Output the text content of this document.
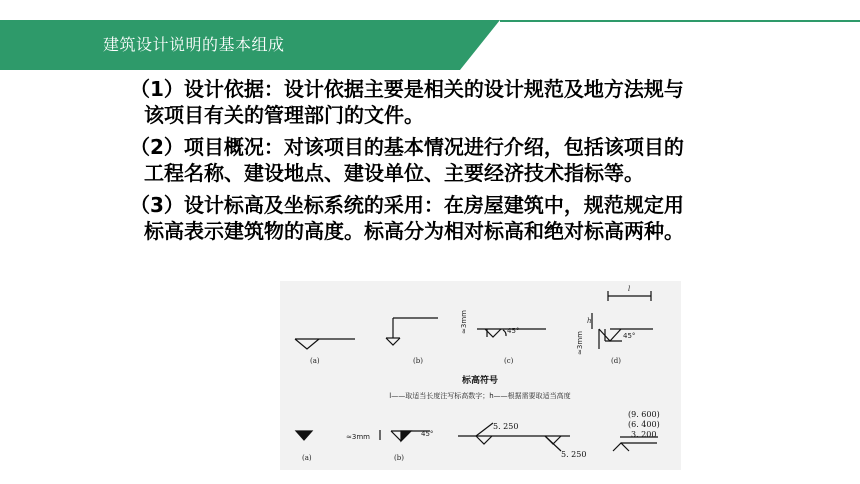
建筑设计说明的基本组成

（1）设计依据：设计依据主要是相关的设计规范及地方法规与该项目有关的管理部门的文件。

（2）项目概况：对该项目的基本情况进行介绍，包括该项目的工程名称、建设地点、建设单位、主要经济技术指标等。

（3）设计标高及坐标系统的采用：在房屋建筑中，规范规定用标高表示建筑物的高度。标高分为相对标高和绝对标高两种。

(a)	(b)	(c)	(d)
≈3mm	45°
l
h
≈3mm	45°
标高符号
l——取适当长度注写标高数字；h——根据需要取适当高度
(a)
≈3mm	45°
(b)
5. 250
5. 250
(9. 600)
(6. 400)
3. 200
